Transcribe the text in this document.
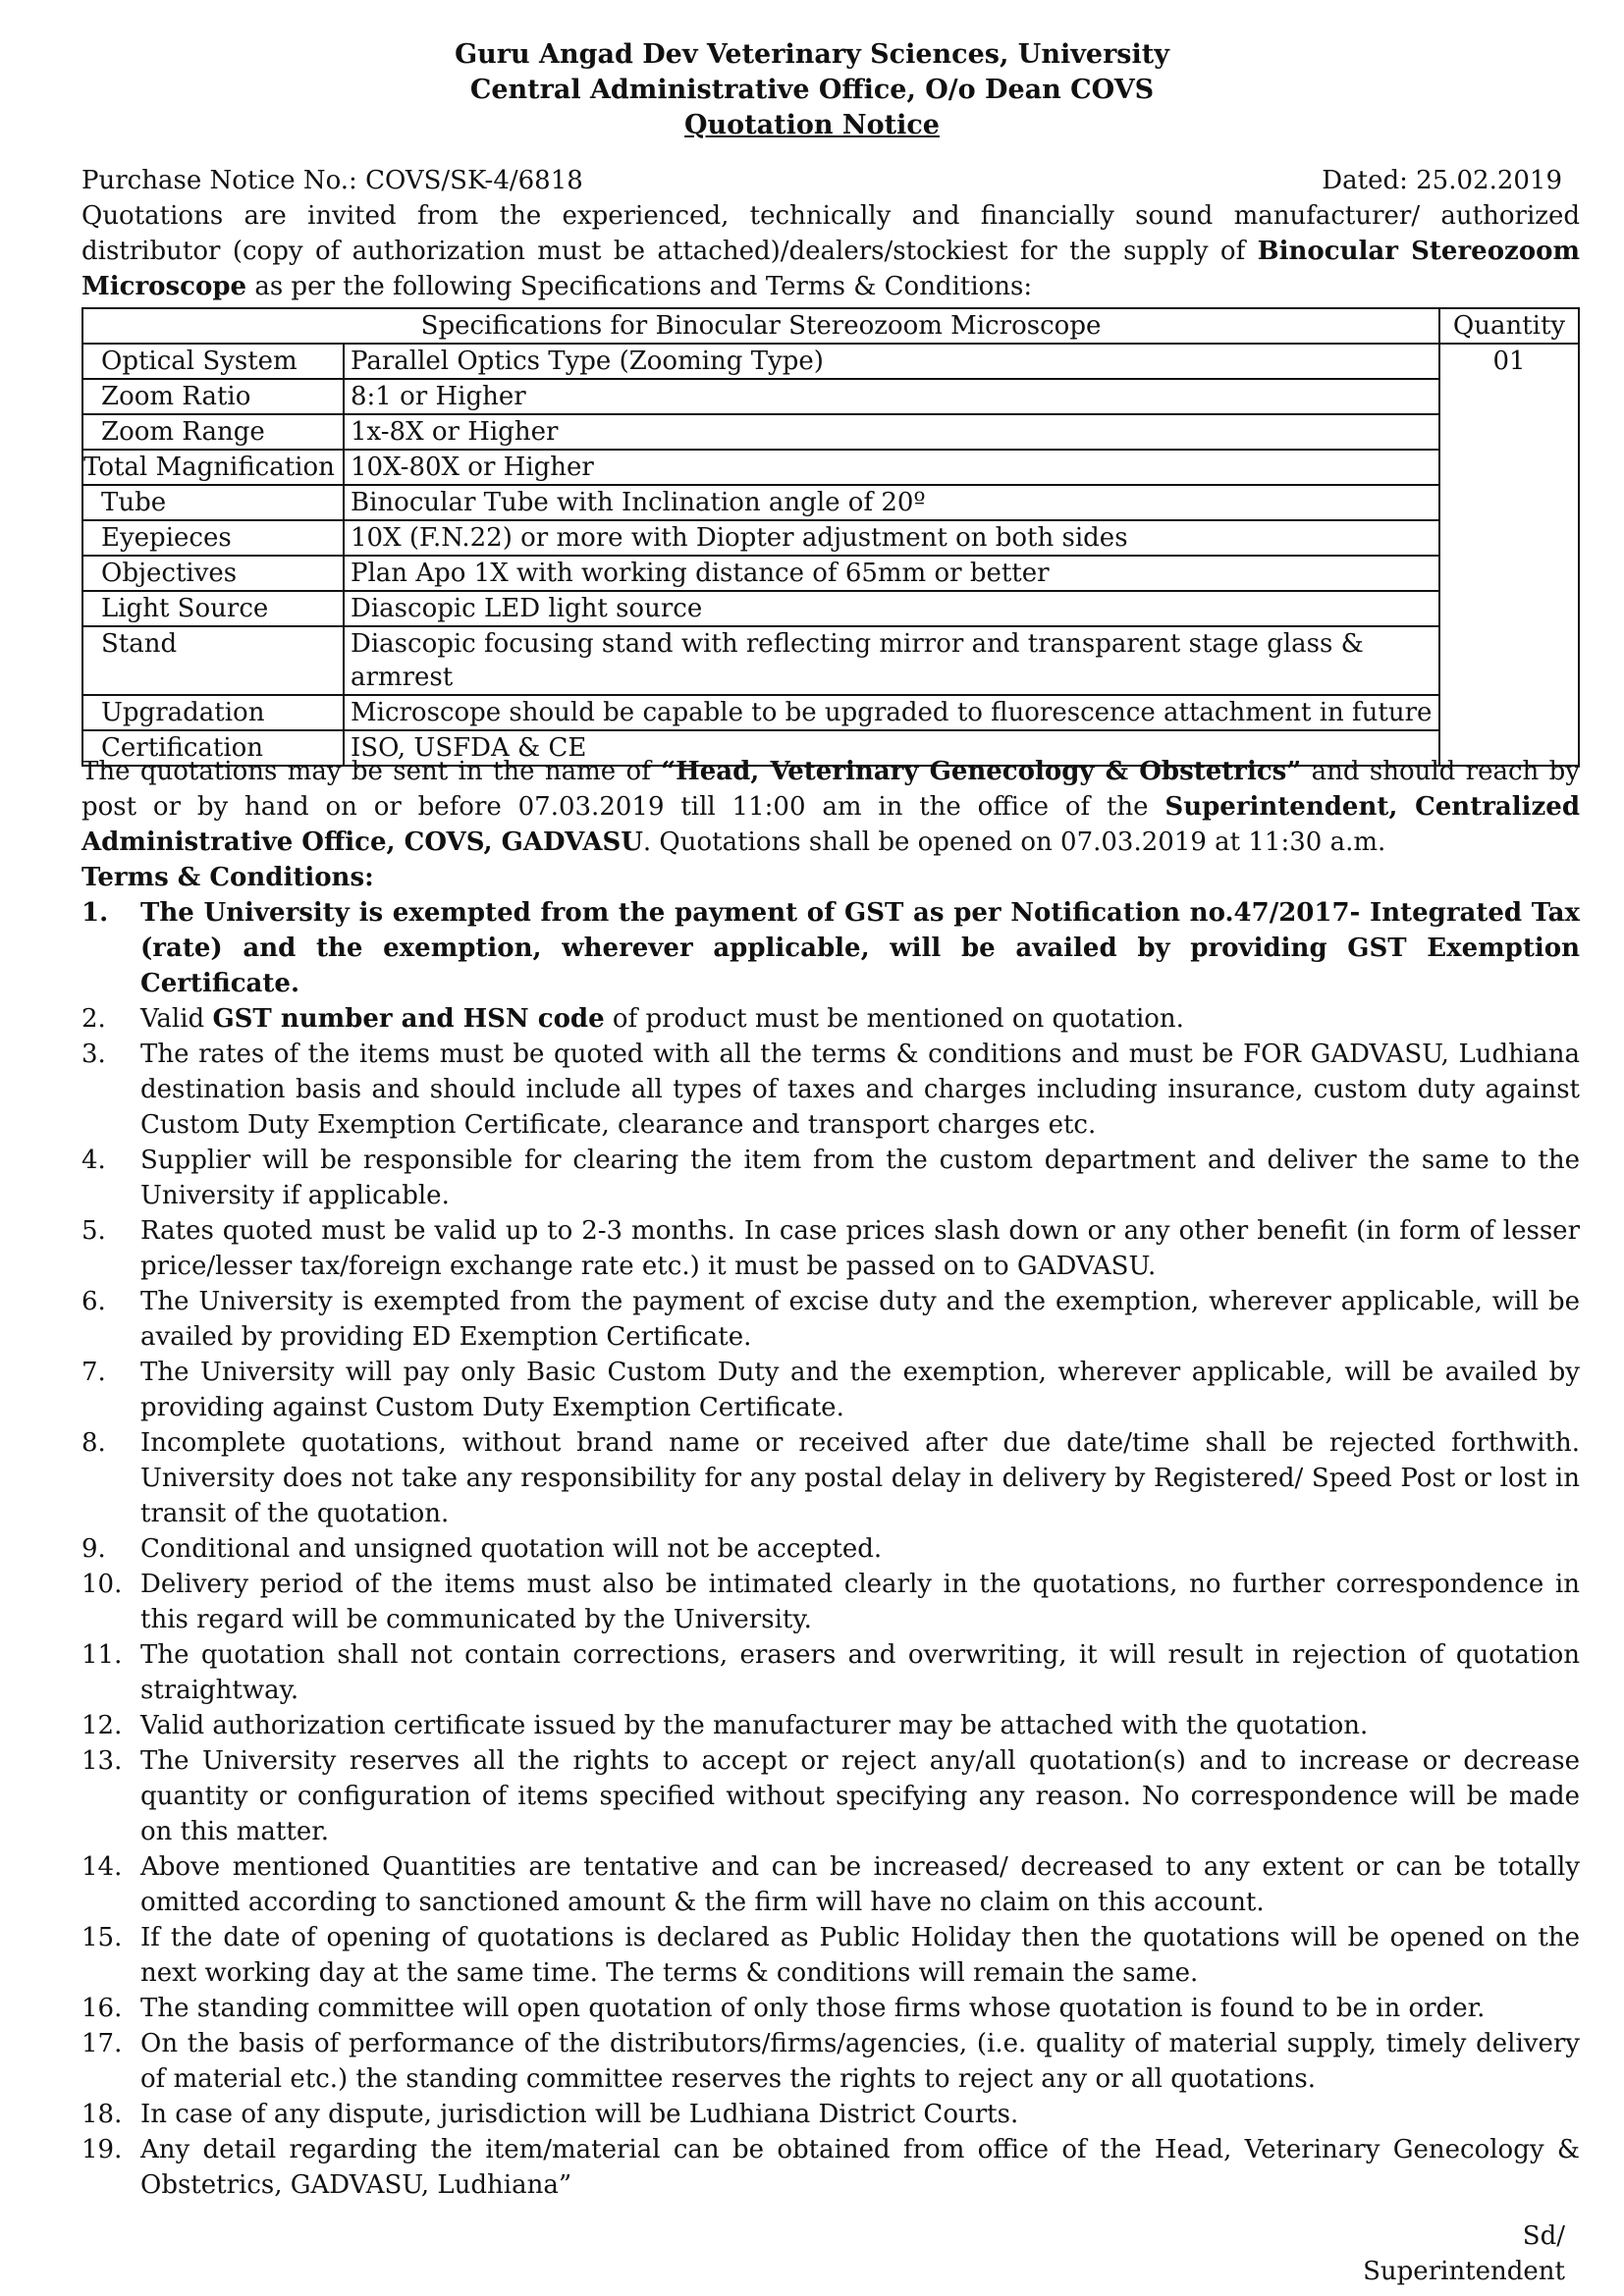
Guru Angad Dev Veterinary Sciences, University
Central Administrative Office, O/o Dean COVS
Quotation Notice
Purchase Notice No.: COVS/SK-4/6818	Dated: 25.02.2019
Quotations are invited from the experienced, technically and financially sound manufacturer/ authorized distributor (copy of authorization must be attached)/dealers/stockiest for the supply of Binocular Stereozoom Microscope as per the following Specifications and Terms & Conditions:
Specifications for Binocular Stereozoom Microscope		Quantity
Optical System	Parallel Optics Type (Zooming Type)	01
Zoom Ratio	8:1 or Higher	
Zoom Range	1x-8X or Higher	
Total Magnification	10X-80X or Higher	
Tube	Binocular Tube with Inclination angle of 20º	
Eyepieces	10X (F.N.22) or more with Diopter adjustment on both sides	
Objectives	Plan Apo 1X with working distance of 65mm or better	
Light Source	Diascopic LED light source	
Stand	Diascopic focusing stand with reflecting mirror and transparent stage glass & armrest	
Upgradation	Microscope should be capable to be upgraded to fluorescence attachment in future	
Certification	ISO, USFDA & CE	
The quotations may be sent in the name of “Head, Veterinary Genecology & Obstetrics” and should reach by post or by hand on or before 07.03.2019 till 11:00 am in the office of the Superintendent, Centralized Administrative Office, COVS, GADVASU. Quotations shall be opened on 07.03.2019 at 11:30 a.m.
Terms & Conditions:
1. The University is exempted from the payment of GST as per Notification no.47/2017- Integrated Tax (rate) and the exemption, wherever applicable, will be availed by providing GST Exemption Certificate.
2. Valid GST number and HSN code of product must be mentioned on quotation.
3. The rates of the items must be quoted with all the terms & conditions and must be FOR GADVASU, Ludhiana destination basis and should include all types of taxes and charges including insurance, custom duty against Custom Duty Exemption Certificate, clearance and transport charges etc.
4. Supplier will be responsible for clearing the item from the custom department and deliver the same to the University if applicable.
5. Rates quoted must be valid up to 2-3 months. In case prices slash down or any other benefit (in form of lesser price/lesser tax/foreign exchange rate etc.) it must be passed on to GADVASU.
6. The University is exempted from the payment of excise duty and the exemption, wherever applicable, will be availed by providing ED Exemption Certificate.
7. The University will pay only Basic Custom Duty and the exemption, wherever applicable, will be availed by providing against Custom Duty Exemption Certificate.
8. Incomplete quotations, without brand name or received after due date/time shall be rejected forthwith. University does not take any responsibility for any postal delay in delivery by Registered/ Speed Post or lost in transit of the quotation.
9. Conditional and unsigned quotation will not be accepted.
10. Delivery period of the items must also be intimated clearly in the quotations, no further correspondence in this regard will be communicated by the University.
11. The quotation shall not contain corrections, erasers and overwriting, it will result in rejection of quotation straightway.
12. Valid authorization certificate issued by the manufacturer may be attached with the quotation.
13. The University reserves all the rights to accept or reject any/all quotation(s) and to increase or decrease quantity or configuration of items specified without specifying any reason. No correspondence will be made on this matter.
14. Above mentioned Quantities are tentative and can be increased/ decreased to any extent or can be totally omitted according to sanctioned amount & the firm will have no claim on this account.
15. If the date of opening of quotations is declared as Public Holiday then the quotations will be opened on the next working day at the same time. The terms & conditions will remain the same.
16. The standing committee will open quotation of only those firms whose quotation is found to be in order.
17. On the basis of performance of the distributors/firms/agencies, (i.e. quality of material supply, timely delivery of material etc.) the standing committee reserves the rights to reject any or all quotations.
18. In case of any dispute, jurisdiction will be Ludhiana District Courts.
19. Any detail regarding the item/material can be obtained from office of the Head, Veterinary Genecology & Obstetrics, GADVASU, Ludhiana”
Sd/
Superintendent
